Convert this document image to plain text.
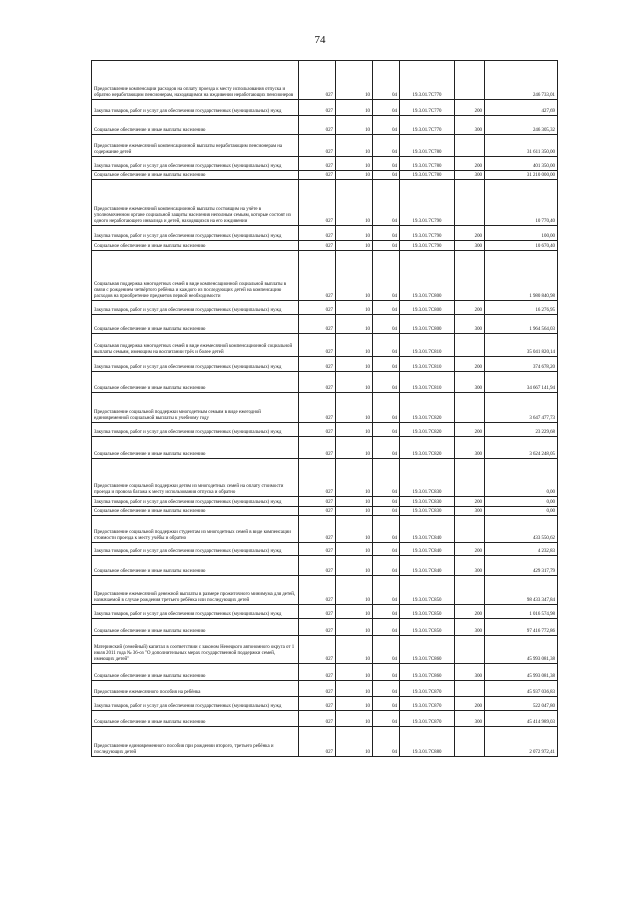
74
Предоставление компенсации расходов на оплату проезда к месту использования отпуска и обратно неработающим пенсионерам, находящимся на иждивении неработающих пенсионеров	027	10	04	19.3.01.7С770		246 733,01
Закупка товаров, работ и услуг для обеспечения государственных (муниципальных) нужд	027	10	04	19.3.01.7С770	200	427,69
Социальное обеспечение и иные выплаты населению	027	10	04	19.3.01.7С770	300	246 305,32
Предоставление ежемесячной компенсационной выплаты неработающим пенсионерам на содержание детей	027	10	04	19.3.01.7С780		31 611 350,00
Закупка товаров, работ и услуг для обеспечения государственных (муниципальных) нужд	027	10	04	19.3.01.7С780	200	401 350,00
Социальное обеспечение и иные выплаты населению	027	10	04	19.3.01.7С780	300	31 210 000,00
Предоставление ежемесячной компенсационной выплаты состоящим на учёте в уполномоченном органе социальной защиты населения неполным семьям, которые состоят из одного неработающего инвалида и детей, находящихся на его иждивении	027	10	04	19.3.01.7С790		10 770,40
Закупка товаров, работ и услуг для обеспечения государственных (муниципальных) нужд	027	10	04	19.3.01.7С790	200	100,00
Социальное обеспечение и иные выплаты населению	027	10	04	19.3.01.7С790	300	10 670,40
Социальная поддержка многодетных семей в виде компенсационной социальной выплаты в связи с рождением четвёртого ребёнка и каждого из последующих детей на компенсацию расходов на приобретение предметов первой необходимости	027	10	04	19.3.01.7С800		1 980 840,98
Закупка товаров, работ и услуг для обеспечения государственных (муниципальных) нужд	027	10	04	19.3.01.7С800	200	16 276,95
Социальное обеспечение и иные выплаты населению	027	10	04	19.3.01.7С800	300	1 964 564,03
Социальная поддержка многодетных семей в виде ежемесячной компенсационной социальной выплаты семьям, имеющим на воспитании трёх и более детей	027	10	04	19.3.01.7С810		35 041 820,14
Закупка товаров, работ и услуг для обеспечения государственных (муниципальных) нужд	027	10	04	19.3.01.7С810	200	374 678,20
Социальное обеспечение и иные выплаты населению	027	10	04	19.3.01.7С810	300	34 667 141,94
Предоставление социальной поддержки многодетным семьям в виде ежегодной единовременной социальной выплаты к учебному году	027	10	04	19.3.01.7С820		3 647 477,73
Закупка товаров, работ и услуг для обеспечения государственных (муниципальных) нужд	027	10	04	19.3.01.7С820	200	23 229,68
Социальное обеспечение и иные выплаты населению	027	10	04	19.3.01.7С820	300	3 624 248,05
Предоставление социальной поддержки детям из многодетных семей на оплату стоимости проезда и провоза багажа к месту использования отпуска и обратно	027	10	04	19.3.01.7С830		0,00
Закупка товаров, работ и услуг для обеспечения государственных (муниципальных) нужд	027	10	04	19.3.01.7С830	200	0,00
Социальное обеспечение и иные выплаты населению	027	10	04	19.3.01.7С830	300	0,00
Предоставление социальной поддержки студентам из многодетных семей в виде компенсации стоимости проезда к месту учёбы и обратно	027	10	04	19.3.01.7С840		433 550,62
Закупка товаров, работ и услуг для обеспечения государственных (муниципальных) нужд	027	10	04	19.3.01.7С840	200	4 232,83
Социальное обеспечение и иные выплаты населению	027	10	04	19.3.01.7С840	300	429 317,79
Предоставление ежемесячной денежной выплаты в размере прожиточного минимума для детей, назначаемой в случае рождения третьего ребёнка или последующих детей	027	10	04	19.3.01.7С850		98 433 347,84
Закупка товаров, работ и услуг для обеспечения государственных (муниципальных) нужд	027	10	04	19.3.01.7С850	200	1 016 574,98
Социальное обеспечение и иные выплаты населению	027	10	04	19.3.01.7С850	300	97 416 772,86
Материнский (семейный) капитал в соответствии с законом Ненецкого автономного округа от 1 июля 2011 года № 36-оз "О дополнительных мерах государственной поддержки семей, имеющих детей"	027	10	04	19.3.01.7С860		45 993 081,38
Социальное обеспечение и иные выплаты населению	027	10	04	19.3.01.7С860	300	45 993 081,38
Предоставление ежемесячного пособия на ребёнка	027	10	04	19.3.01.7С870		45 937 036,83
Закупка товаров, работ и услуг для обеспечения государственных (муниципальных) нужд	027	10	04	19.3.01.7С870	200	522 047,80
Социальное обеспечение и иные выплаты населению	027	10	04	19.3.01.7С870	300	45 414 989,03
Предоставление единовременного пособия при рождении второго, третьего ребёнка и последующих детей	027	10	04	19.3.01.7С880		2 072 972,41
